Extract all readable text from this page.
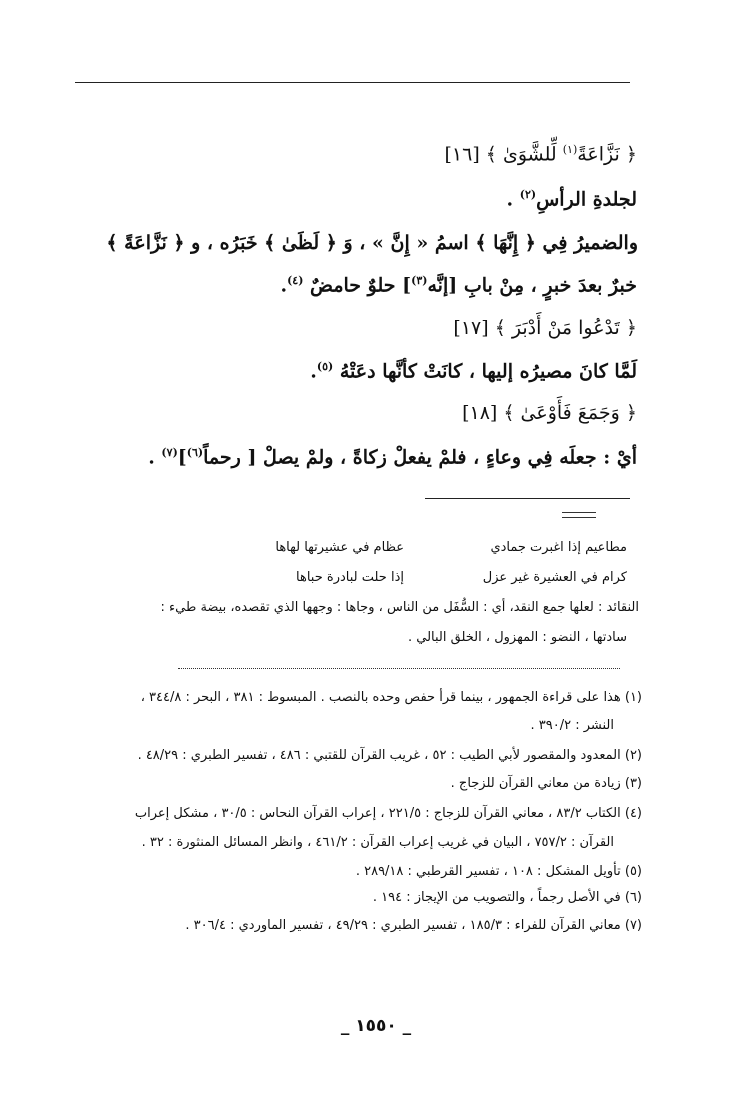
﴿ نَزَّاعَةً$^{(١)}$ لِّلشَّوَىٰ ﴾ [١٦]
لجلدةِ الرأسِ$^{(٢)}$ .
والضميرُ فِي ﴿ إِنَّهَا ﴾ اسمُ « إِنَّ » ، وَ ﴿ لَظَىٰ ﴾ خَبَرُه ، و ﴿ نَزَّاعَةً ﴾
خبرٌ بعدَ خبرٍ ، مِنْ بابِ [إنَّه$^{(٣)}$] حلوٌ حامضٌ $^{(٤)}$.
﴿ تَدْعُوا مَنْ أَدْبَرَ ﴾ [١٧]
لَمَّا كانَ مصيرُه إليها ، كانَتْ كأنَّها دعَتْهُ $^{(٥)}$.
﴿ وَجَمَعَ فَأَوْعَىٰ ﴾ [١٨]
أيْ : جعلَه فِي وعاءٍ ، فلمْ يفعلْ زكاةً ، ولمْ يصلْ [ رحماً$^{(٦)}$]$^{(٧)}$ .
مطاعيم إذا اغبرت جمادي
عظام في عشيرتها لهاها
كرام في العشيرة غير عزل
إذا حلت لبادرة حباها
النقائد : لعلها جمع النقد، أي : السُّفَل من الناس ، وجاها : وجهها الذي تقصده، بيضة طيء :
سادتها ، النضو : المهزول ، الخلق البالي .
(١) هذا على قراءة الجمهور ، بينما قرأ حفص وحده بالنصب . المبسوط : ٣٨١ ، البحر : ٣٤٤/٨ ،
النشر : ٣٩٠/٢ .
(٢) المعدود والمقصور لأبي الطيب : ٥٢ ، غريب القرآن للقتبي : ٤٨٦ ، تفسير الطبري : ٤٨/٢٩ .
(٣) زيادة من معاني القرآن للزجاج .
(٤) الكتاب ٨٣/٢ ، معاني القرآن للزجاج : ٢٢١/٥ ، إعراب القرآن النحاس : ٣٠/٥ ، مشكل إعراب
القرآن : ٧٥٧/٢ ، البيان في غريب إعراب القرآن : ٤٦١/٢ ، وانظر المسائل المنثورة : ٣٢ .
(٥) تأويل المشكل : ١٠٨ ، تفسير القرطبي : ٢٨٩/١٨ .
(٦) في الأصل رجماً ، والتصويب من الإيجاز : ١٩٤ .
(٧) معاني القرآن للفراء : ١٨٥/٣ ، تفسير الطبري : ٤٩/٢٩ ، تفسير الماوردي : ٣٠٦/٤ .
_ ١٥٥٠ _
